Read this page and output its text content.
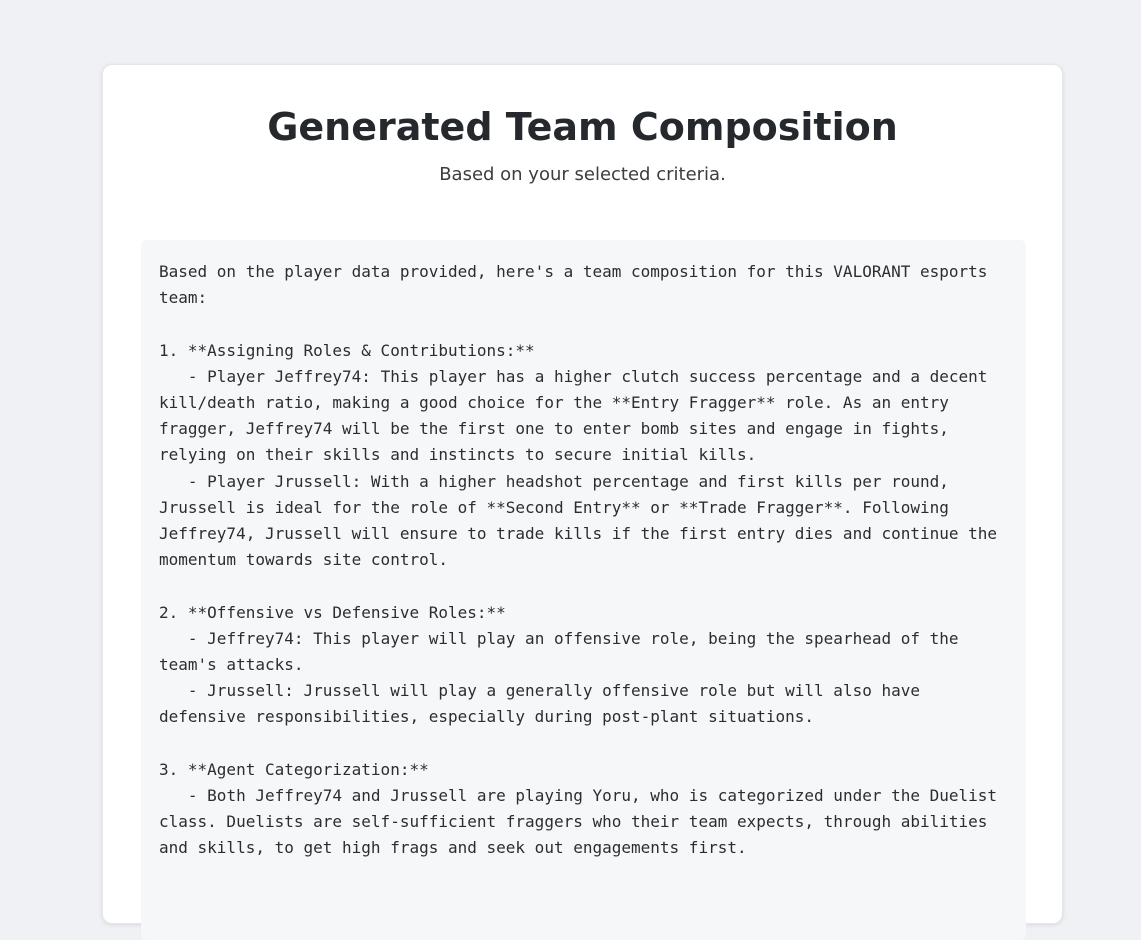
Generated Team Composition

Based on your selected criteria.

Based on the player data provided, here's a team composition for this VALORANT esports
team:

1. **Assigning Roles & Contributions:**
- Player Jeffrey74: This player has a higher clutch success percentage and a decent
kill/death ratio, making a good choice for the **Entry Fragger** role. As an entry
fragger, Jeffrey74 will be the first one to enter bomb sites and engage in fights,
relying on their skills and instincts to secure initial kills.
- Player Jrussell: With a higher headshot percentage and first kills per round,
Jrussell is ideal for the role of **Second Entry** or **Trade Fragger**. Following
Jeffrey74, Jrussell will ensure to trade kills if the first entry dies and continue the
momentum towards site control.

2. **Offensive vs Defensive Roles:**
- Jeffrey74: This player will play an offensive role, being the spearhead of the
team's attacks.
- Jrussell: Jrussell will play a generally offensive role but will also have
defensive responsibilities, especially during post-plant situations.

3. **Agent Categorization:**
- Both Jeffrey74 and Jrussell are playing Yoru, who is categorized under the Duelist
class. Duelists are self-sufficient fraggers who their team expects, through abilities
and skills, to get high frags and seek out engagements first.
